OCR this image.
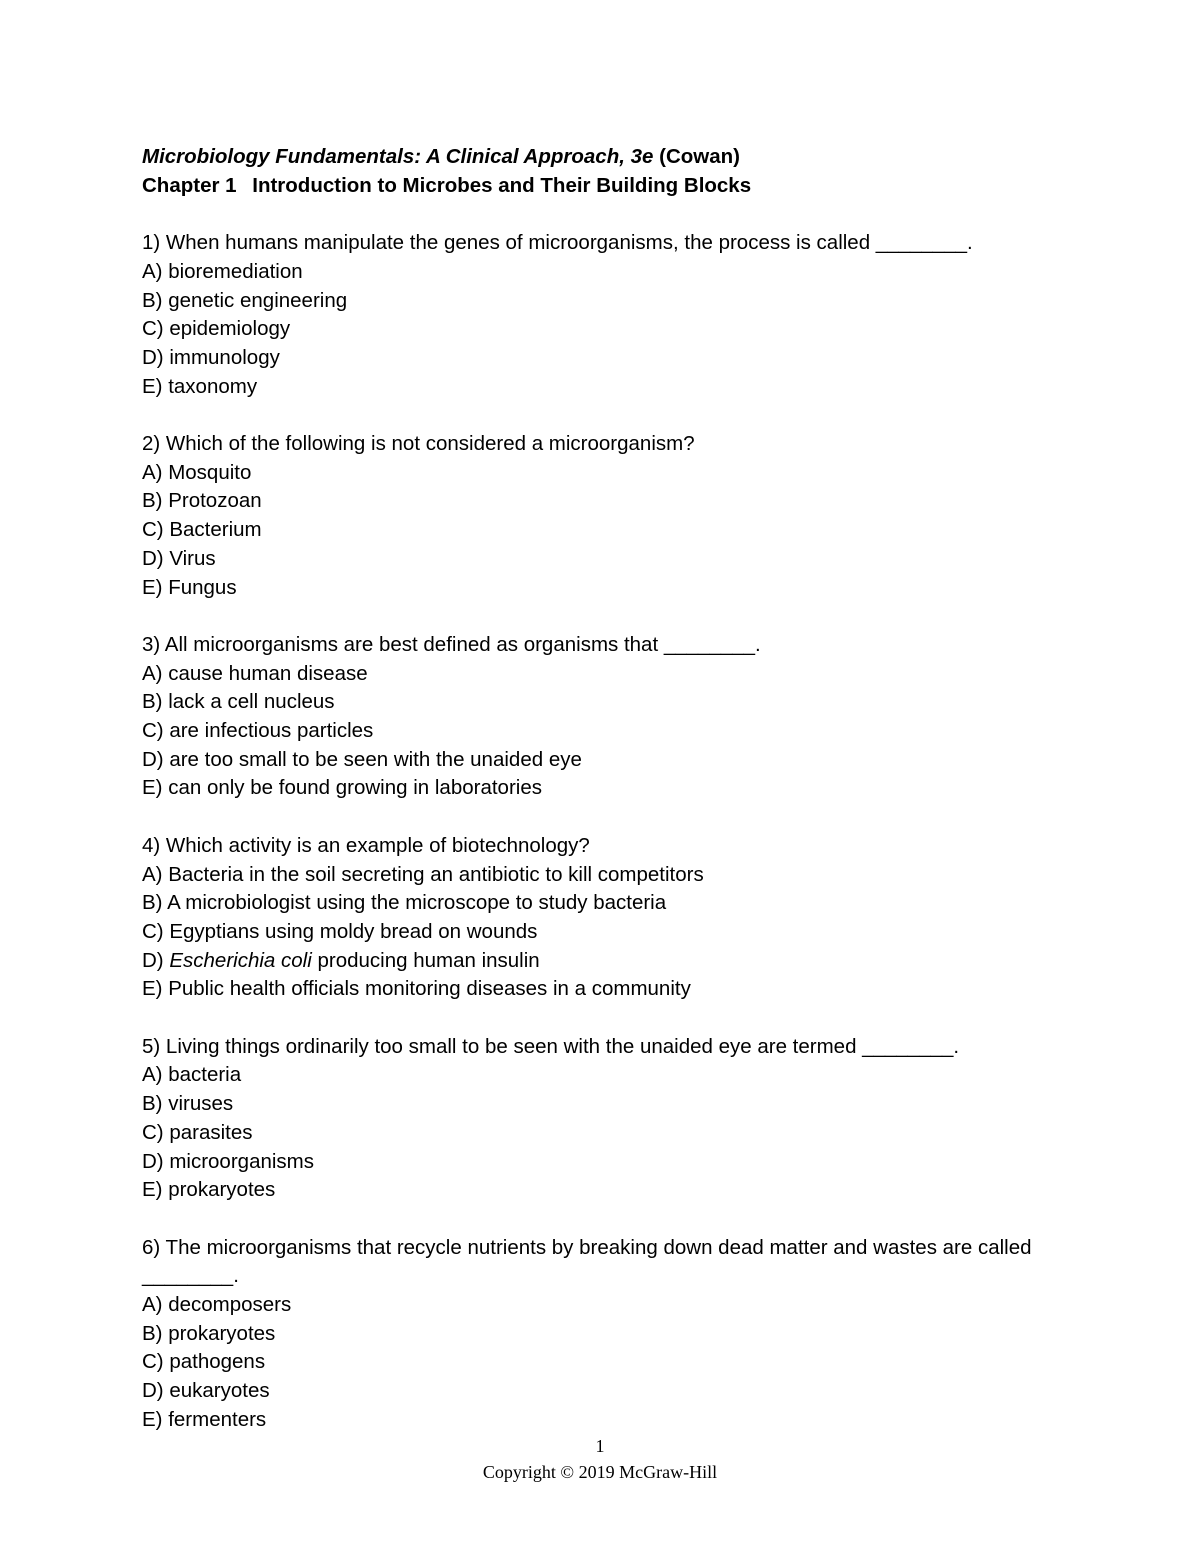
Microbiology Fundamentals: A Clinical Approach, 3e (Cowan)
Chapter 1 Introduction to Microbes and Their Building Blocks
1) When humans manipulate the genes of microorganisms, the process is called ________.
A) bioremediation
B) genetic engineering
C) epidemiology
D) immunology
E) taxonomy
2) Which of the following is not considered a microorganism?
A) Mosquito
B) Protozoan
C) Bacterium
D) Virus
E) Fungus
3) All microorganisms are best defined as organisms that ________.
A) cause human disease
B) lack a cell nucleus
C) are infectious particles
D) are too small to be seen with the unaided eye
E) can only be found growing in laboratories
4) Which activity is an example of biotechnology?
A) Bacteria in the soil secreting an antibiotic to kill competitors
B) A microbiologist using the microscope to study bacteria
C) Egyptians using moldy bread on wounds
D) Escherichia coli producing human insulin
E) Public health officials monitoring diseases in a community
5) Living things ordinarily too small to be seen with the unaided eye are termed ________.
A) bacteria
B) viruses
C) parasites
D) microorganisms
E) prokaryotes
6) The microorganisms that recycle nutrients by breaking down dead matter and wastes are called ________.
A) decomposers
B) prokaryotes
C) pathogens
D) eukaryotes
E) fermenters
1
Copyright © 2019 McGraw-Hill
